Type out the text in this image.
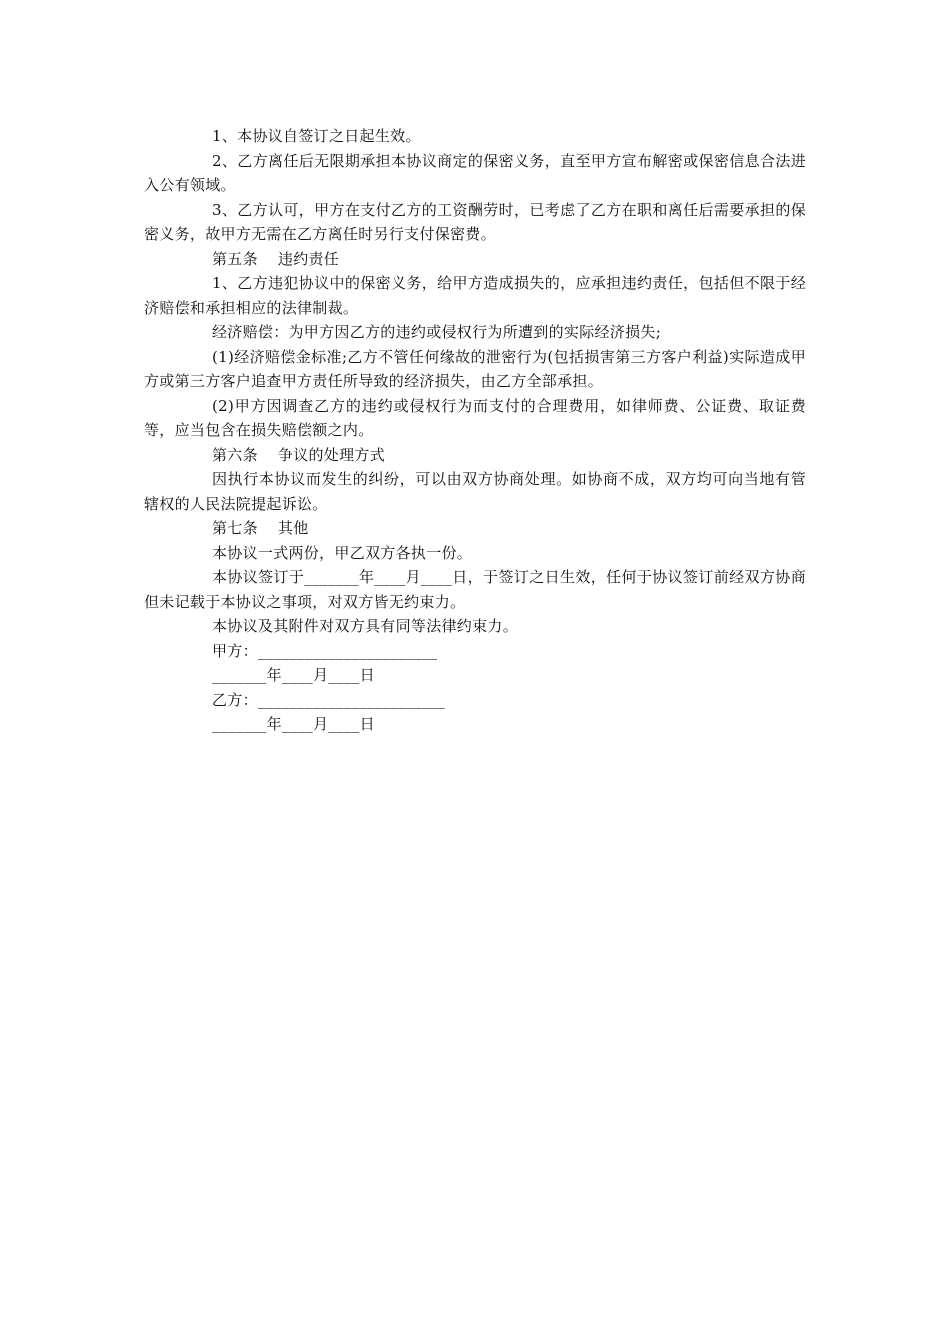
1、本协议自签订之日起生效。

2、乙方离任后无限期承担本协议商定的保密义务，直至甲方宣布解密或保密信息合法进入公有领域。

3、乙方认可，甲方在支付乙方的工资酬劳时，已考虑了乙方在职和离任后需要承担的保密义务，故甲方无需在乙方离任时另行支付保密费。

第五条 违约责任

1、乙方违犯协议中的保密义务，给甲方造成损失的，应承担违约责任，包括但不限于经济赔偿和承担相应的法律制裁。

经济赔偿：为甲方因乙方的违约或侵权行为所遭到的实际经济损失;

(1)经济赔偿金标准;乙方不管任何缘故的泄密行为(包括损害第三方客户利益)实际造成甲方或第三方客户追查甲方责任所导致的经济损失，由乙方全部承担。

(2)甲方因调查乙方的违约或侵权行为而支付的合理费用，如律师费、公证费、取证费等，应当包含在损失赔偿额之内。

第六条 争议的处理方式

因执行本协议而发生的纠纷，可以由双方协商处理。如协商不成，双方均可向当地有管辖权的人民法院提起诉讼。

第七条 其他

本协议一式两份，甲乙双方各执一份。

本协议签订于_______年____月____日，于签订之日生效，任何于协议签订前经双方协商但未记载于本协议之事项，对双方皆无约束力。

本协议及其附件对双方具有同等法律约束力。

甲方：_______________________

_______年____月____日

乙方：________________________

_______年____月____日
